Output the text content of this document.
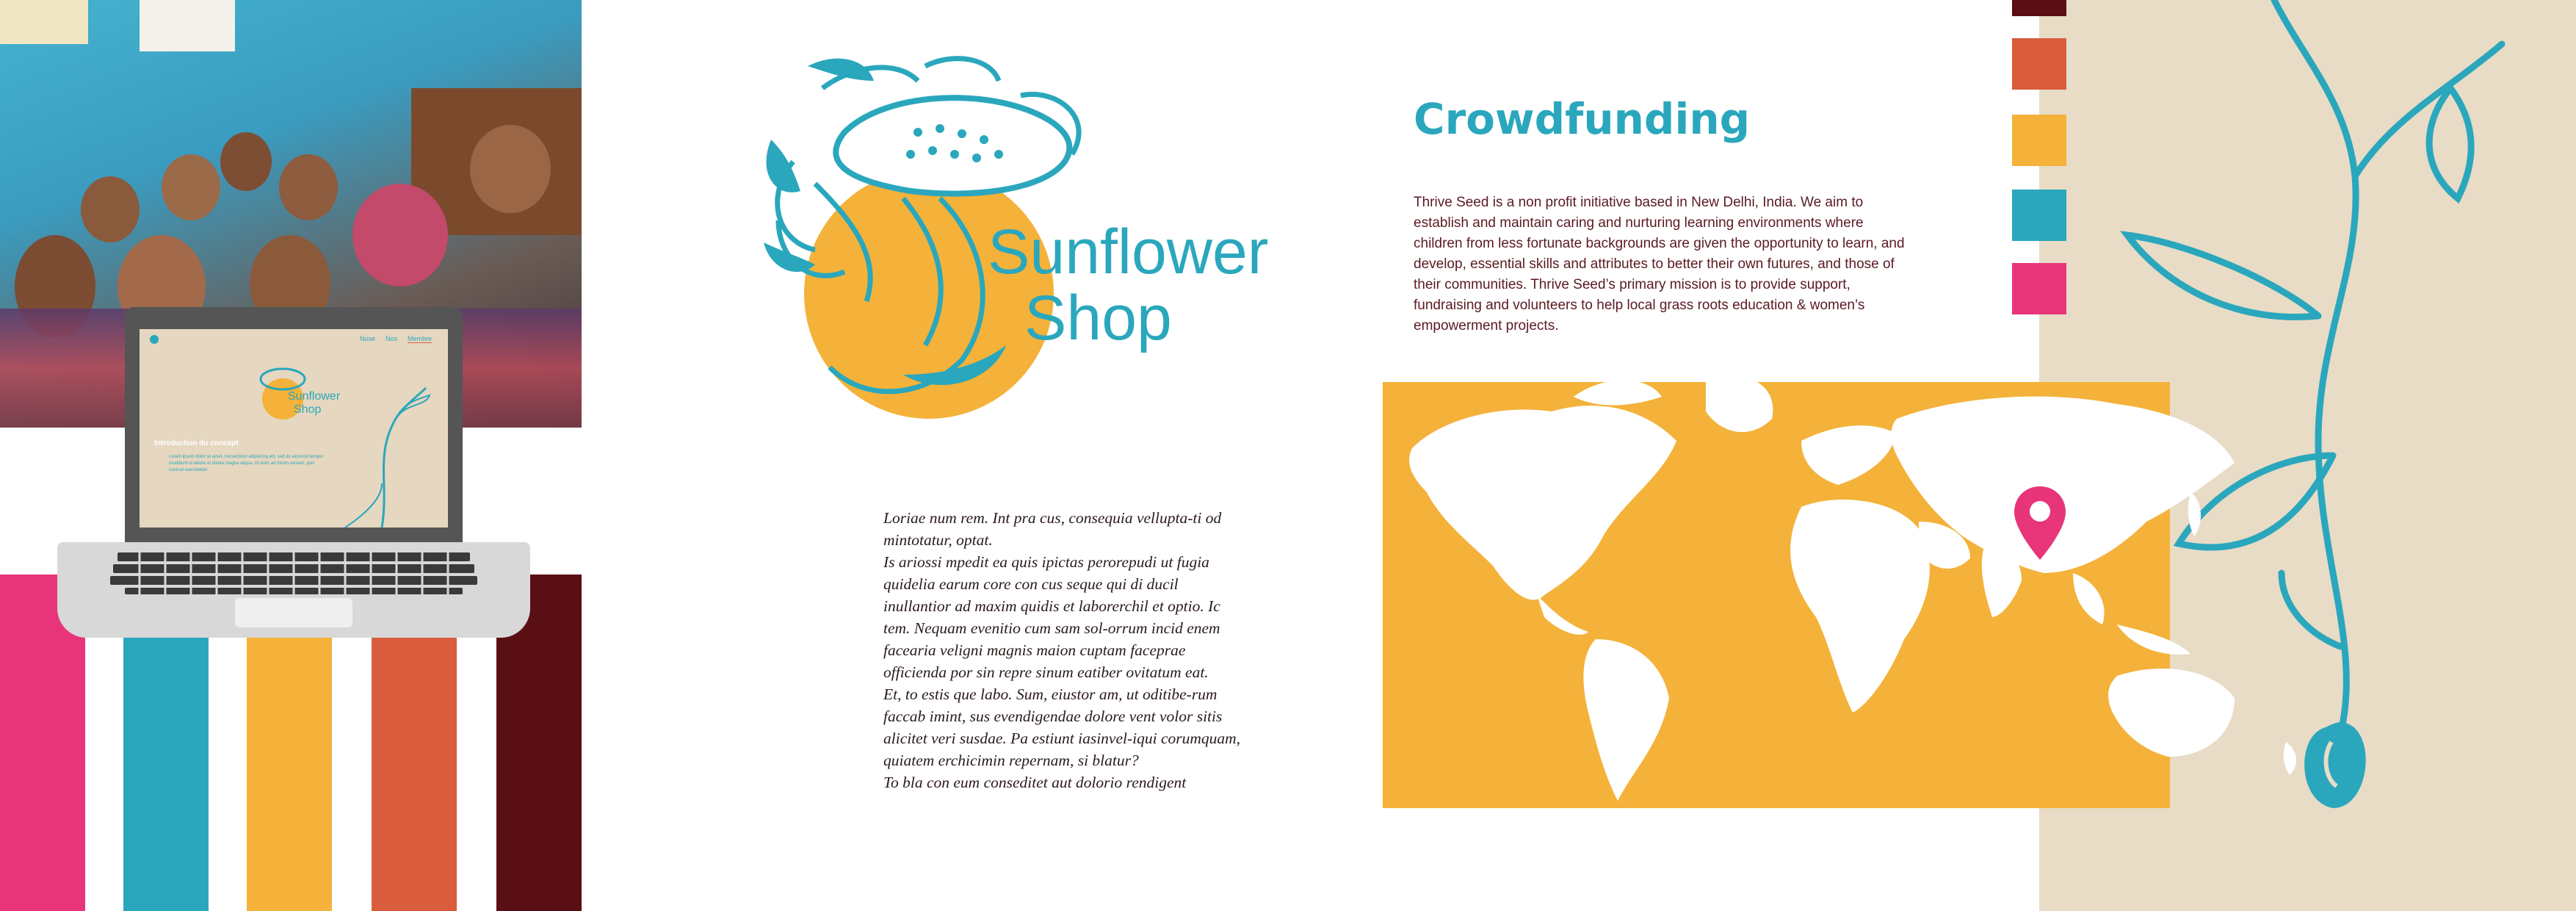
Nose Nos Membre
Sunflower
Shop
Introduction du concept
Lorem ipsum dolor sit amet, consectetur adipiscing elit, sed do eiusmod tempor incididunt ut labore et dolore magna aliqua. Ut enim ad minim veniam, quis nostrud exercitation.
Sunflower
Shop

Loriae num rem. Int pra cus, consequia vellupta-ti od mintotatur, optat.

Is ariossi mpedit ea quis ipictas perorepudi ut fugia quidelia earum core con cus seque qui di ducil inullantior ad maxim quidis et laborerchil et optio. Ic tem. Nequam evenitio cum sam sol-orrum incid enem facearia veligni magnis maion cuptam faceprae officienda por sin repre sinum eatiber ovitatum eat.

Et, to estis que labo. Sum, eiustor am, ut oditibe-rum faccab imint, sus evendigendae dolore vent volor sitis alicitet veri susdae. Pa estiunt iasinvel-iqui corumquam, quiatem erchicimin repernam, si blatur?

To bla con eum conseditet aut dolorio rendigent

Crowdfunding
Thrive Seed is a non profit initiative based in New Delhi, India. We aim to establish and maintain caring and nurturing learning environments where children from less fortunate backgrounds are given the opportunity to learn, and develop, essential skills and attributes to better their own futures, and those of their communities. Thrive Seed’s primary mission is to provide support, fundraising and volunteers to help local grass roots education & women’s empowerment projects.
